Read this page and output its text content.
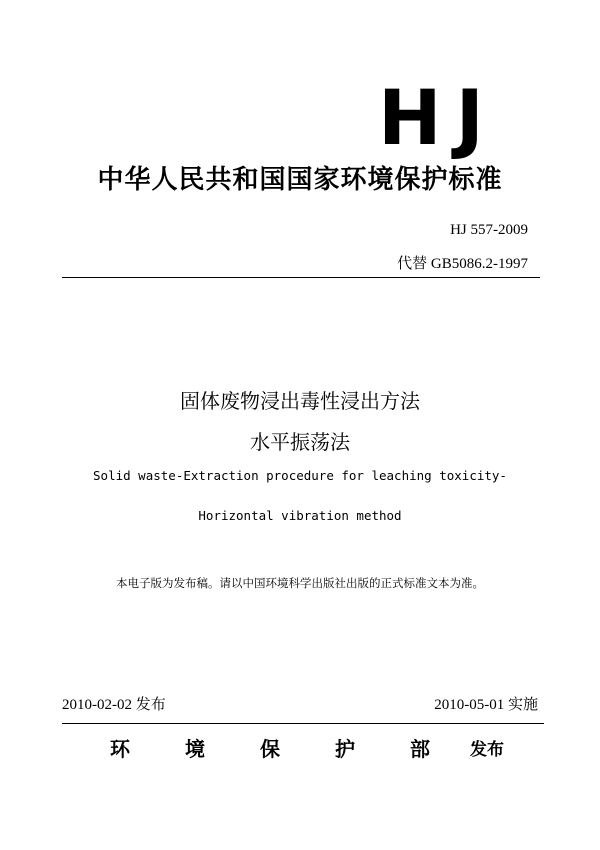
HJ
中华人民共和国国家环境保护标准
HJ 557-2009
代替 GB5086.2-1997
固体废物浸出毒性浸出方法
水平振荡法
Solid waste-Extraction procedure for leaching toxicity-
Horizontal vibration method
本电子版为发布稿。请以中国环境科学出版社出版的正式标准文本为准。
2010-02-02 发布	2010-05-01 实施
环	境	保	护	部 发布
